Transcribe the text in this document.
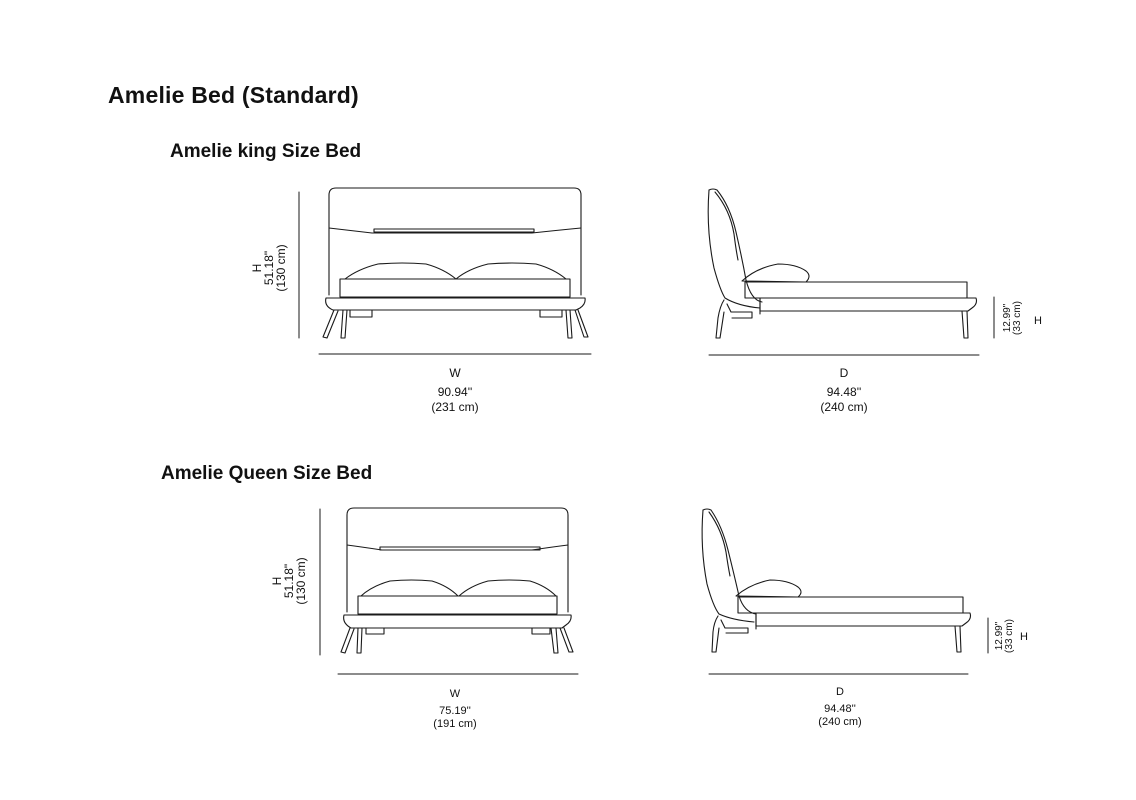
Amelie Bed (Standard)
Amelie king Size Bed
H
51.18"
(130 cm)
W
90.94''
(231 cm)
D
94.48''
(240 cm)
12.99" (33 cm) H
Amelie Queen Size Bed
H
51.18"
(130 cm)
W
75.19''
(191 cm)
D
94.48''
(240 cm)
12.99" (33 cm) H
